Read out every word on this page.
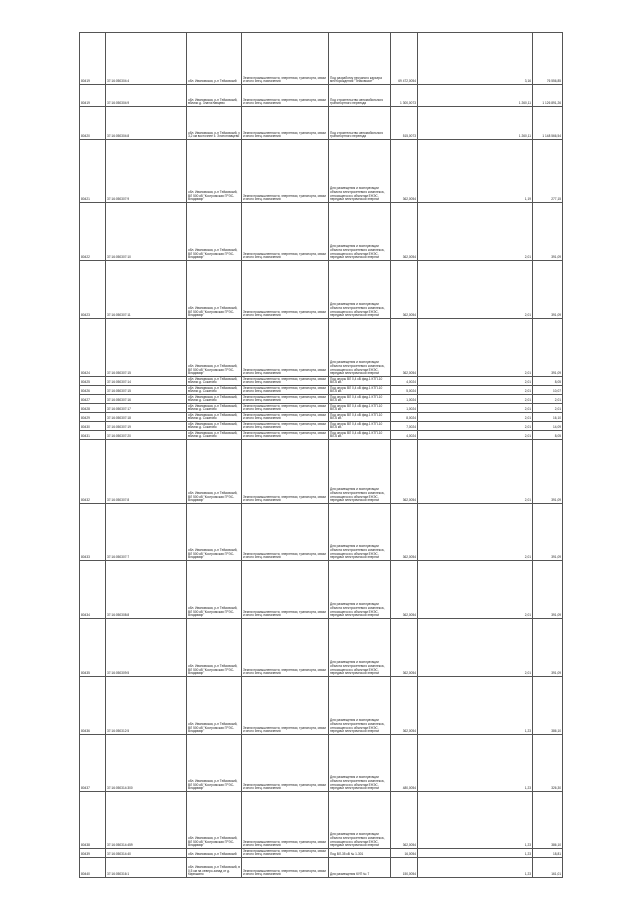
80419	37:16:050304:4	обл. Ивановская, р-н Тейковский	Земли промышленности, энергетики, транспорта, связи и иного спец. назначения	Под разработку песчаного карьера месторождения "Тейковское"	69 472,0054	3,16	76 556,85
80419	37:16:050304:9	обл. Ивановская, р-н Тейковский, вблизи д. Златоглавцево	Земли промышленности, энергетики, транспорта, связи и иного спец. назначения	Под строительство автомобильного транспортного переезда	1 300,0073	1 260,11	1 126 891,26
80420	37:16:050304:8	обл. Ивановская, р-н Тейковский, у 3,2 км восточнее с. Златоглавцево	Земли промышленности, энергетики, транспорта, связи и иного спец. назначения	Под строительство автомобильного транспортного переезда	515,0073	1 260,11	1 148 566,54
80421	37:16:050307:9	обл. Ивановская, р-н Тейковский, ВЛ 500 кВ "Костромская ГРЭС-Владимир"	Земли промышленности, энергетики, транспорта, связи и иного спец. назначения	Для размещения и эксплуатации объекта электросетевого комплекса, относящегося к объектам ЕНЭС, передачи электрической энергии	362,0054	1,19	277,15
80422	37:16:050307:10	обл. Ивановская, р-н Тейковский, ВЛ 500 кВ "Костромская ГРЭС-Владимир"	Земли промышленности, энергетики, транспорта, связи и иного спец. назначения	Для размещения и эксплуатации объекта электросетевого комплекса, относящегося к объектам ЕНЭС, передачи электрической энергии	362,0054	2,01	391,09
80423	37:16:050307:11	обл. Ивановская, р-н Тейковский, ВЛ 500 кВ "Костромская ГРЭС-Владимир"	Земли промышленности, энергетики, транспорта, связи и иного спец. назначения	Для размещения и эксплуатации объекта электросетевого комплекса, относящегося к объектам ЕНЭС, передачи электрической энергии	362,0054	2,01	391,09
80424	37:16:050307:15	обл. Ивановская, р-н Тейковский, ВЛ 500 кВ "Костромская ГРЭС-Владимир"	Земли промышленности, энергетики, транспорта, связи и иного спец. назначения	Для размещения и эксплуатации объекта электросетевого комплекса, относящегося к объектам ЕНЭС, передачи электрической энергии	362,0054	2,01	391,09
80425	37:16:050307:14	обл. Ивановская, р-н Тейковский, вблизи д. Сокатово	Земли промышленности, энергетики, транспорта, связи и иного спец. назначения	Под опоры ВЛ 0,4 кВ фид.1 КТП-10 ВЛ-6 кВ	4,0024	2,01	8,05
80426	37:16:050307:15	обл. Ивановская, р-н Тейковский, вблизи д. Сокатово	Земли промышленности, энергетики, транспорта, связи и иного спец. назначения	Под опоры ВЛ 0,4 кВ фид.1 КТП-10 ВЛ-6 кВ	5,0024	2,01	10,07
80427	37:16:050307:16	обл. Ивановская, р-н Тейковский, вблизи д. Сокатово	Земли промышленности, энергетики, транспорта, связи и иного спец. назначения	Под опоры ВЛ 0,4 кВ фид.1 КТП-10 ВЛ-6 кВ	1,0024	2,01	2,01
80428	37:16:050307:17	обл. Ивановская, р-н Тейковский, вблизи д. Сокатово	Земли промышленности, энергетики, транспорта, связи и иного спец. назначения	Под опоры ВЛ 0,4 кВ фид.1 КТП-10 ВЛ-6 кВ	1,0024	2,01	2,01
80429	37:16:050307:18	обл. Ивановская, р-н Тейковский, вблизи д. Сокатово	Земли промышленности, энергетики, транспорта, связи и иного спец. назначения	Под опоры ВЛ 0,4 кВ фид.1 КТП-10 ВЛ-6 кВ	8,0024	2,01	16,10
80430	37:16:050307:19	обл. Ивановская, р-н Тейковский, вблизи д. Сокатово	Земли промышленности, энергетики, транспорта, связи и иного спец. назначения	Под опоры ВЛ 0,4 кВ фид.1 КТП-10 ВЛ-6 кВ	7,0024	2,01	14,09
80431	37:16:050307:20	обл. Ивановская, р-н Тейковский, вблизи д. Сокатово	Земли промышленности, энергетики, транспорта, связи и иного спец. назначения	Под опоры ВЛ 0,4 кВ фид.1 КТП-10 ВЛ-6 кВ	4,0024	2,01	8,05
80432	37:16:050307:8	обл. Ивановская, р-н Тейковский, ВЛ 500 кВ "Костромская ГРЭС-Владимир"	Земли промышленности, энергетики, транспорта, связи и иного спец. назначения	Для размещения и эксплуатации объекта электросетевого комплекса, относящегося к объектам ЕНЭС, передачи электрической энергии	362,0054	2,01	391,09
80433	37:16:050307:7	обл. Ивановская, р-н Тейковский, ВЛ 500 кВ "Костромская ГРЭС-Владимир"	Земли промышленности, энергетики, транспорта, связи и иного спец. назначения	Для размещения и эксплуатации объекта электросетевого комплекса, относящегося к объектам ЕНЭС, передачи электрической энергии	362,0054	2,01	391,09
80434	37:16:050308:8	обл. Ивановская, р-н Тейковский, ВЛ 500 кВ "Костромская ГРЭС-Владимир"	Земли промышленности, энергетики, транспорта, связи и иного спец. назначения	Для размещения и эксплуатации объекта электросетевого комплекса, относящегося к объектам ЕНЭС, передачи электрической энергии	362,0054	2,01	391,09
80435	37:16:050309:5	обл. Ивановская, р-н Тейковский, ВЛ 500 кВ "Костромская ГРЭС-Владимир"	Земли промышленности, энергетики, транспорта, связи и иного спец. назначения	Для размещения и эксплуатации объекта электросетевого комплекса, относящегося к объектам ЕНЭС, передачи электрической энергии	362,0054	2,01	391,09
80436	37:16:050312:5	обл. Ивановская, р-н Тейковский, ВЛ 500 кВ "Костромская ГРЭС-Владимир"	Земли промышленности, энергетики, транспорта, связи и иного спец. назначения	Для размещения и эксплуатации объекта электросетевого комплекса, относящегося к объектам ЕНЭС, передачи электрической энергии	362,0054	1,23	386,10
80437	37:16:050314:300	обл. Ивановская, р-н Тейковский, ВЛ 500 кВ "Костромская ГРЭС-Владимир"	Земли промышленности, энергетики, транспорта, связи и иного спец. назначения	Для размещения и эксплуатации объекта электросетевого комплекса, относящегося к объектам ЕНЭС, передачи электрической энергии	480,0054	1,23	326,30
80438	37:16:050314:459	обл. Ивановская, р-н Тейковский, ВЛ 500 кВ "Костромская ГРЭС-Владимир"	Земли промышленности, энергетики, транспорта, связи и иного спец. назначения	Для размещения и эксплуатации объекта электросетевого комплекса, относящегося к объектам ЕНЭС, передачи электрической энергии	362,0054	1,23	386,10
80439	37:16:050314:40	обл. Ивановская, р-н Тейковский	Земли промышленности, энергетики, транспорта, связи и иного спец. назначения	Под ВЛ-35 кВ № 1-301	16,0054	1,23	18,81
80440	37:16:050316:1	обл. Ивановская, р-н Тейковский, в 0,5 км на северо-запад от д. Кирюшино	Земли промышленности, энергетики, транспорта, связи и иного спец. назначения	Для размещения КУП № 7	150,0054	1,23	161,01
